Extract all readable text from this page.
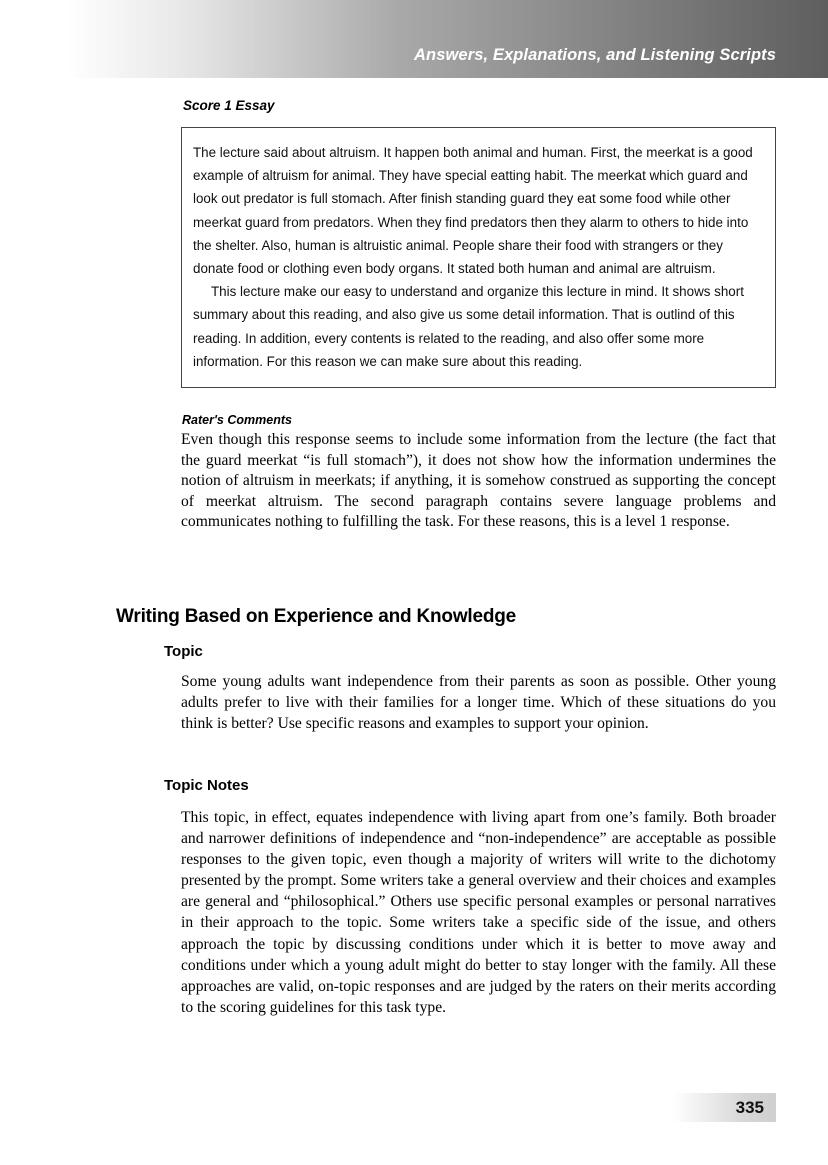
Answers, Explanations, and Listening Scripts
Score 1 Essay

The lecture said about altruism. It happen both animal and human. First, the meerkat is a good example of altruism for animal. They have special eatting habit. The meerkat which guard and look out predator is full stomach. After finish standing guard they eat some food while other meerkat guard from predators. When they find predators then they alarm to others to hide into the shelter. Also, human is altruistic animal. People share their food with strangers or they donate food or clothing even body organs. It stated both human and animal are altruism.

This lecture make our easy to understand and organize this lecture in mind. It shows short summary about this reading, and also give us some detail information. That is outlind of this reading. In addition, every contents is related to the reading, and also offer some more information. For this reason we can make sure about this reading.

Rater's Comments
Even though this response seems to include some information from the lecture (the fact that the guard meerkat “is full stomach”), it does not show how the information undermines the notion of altruism in meerkats; if anything, it is somehow construed as supporting the concept of meerkat altruism. The second paragraph contains severe language problems and communicates nothing to fulfilling the task. For these reasons, this is a level 1 response.
Writing Based on Experience and Knowledge
Topic
Some young adults want independence from their parents as soon as possible. Other young adults prefer to live with their families for a longer time. Which of these situations do you think is better? Use specific reasons and examples to support your opinion.
Topic Notes
This topic, in effect, equates independence with living apart from one’s family. Both broader and narrower definitions of independence and “non-independence” are acceptable as possible responses to the given topic, even though a majority of writers will write to the dichotomy presented by the prompt. Some writers take a general overview and their choices and examples are general and “philosophical.” Others use specific personal examples or personal narratives in their approach to the topic. Some writers take a specific side of the issue, and others approach the topic by discussing conditions under which it is better to move away and conditions under which a young adult might do better to stay longer with the family. All these approaches are valid, on-topic responses and are judged by the raters on their merits according to the scoring guidelines for this task type.
335
